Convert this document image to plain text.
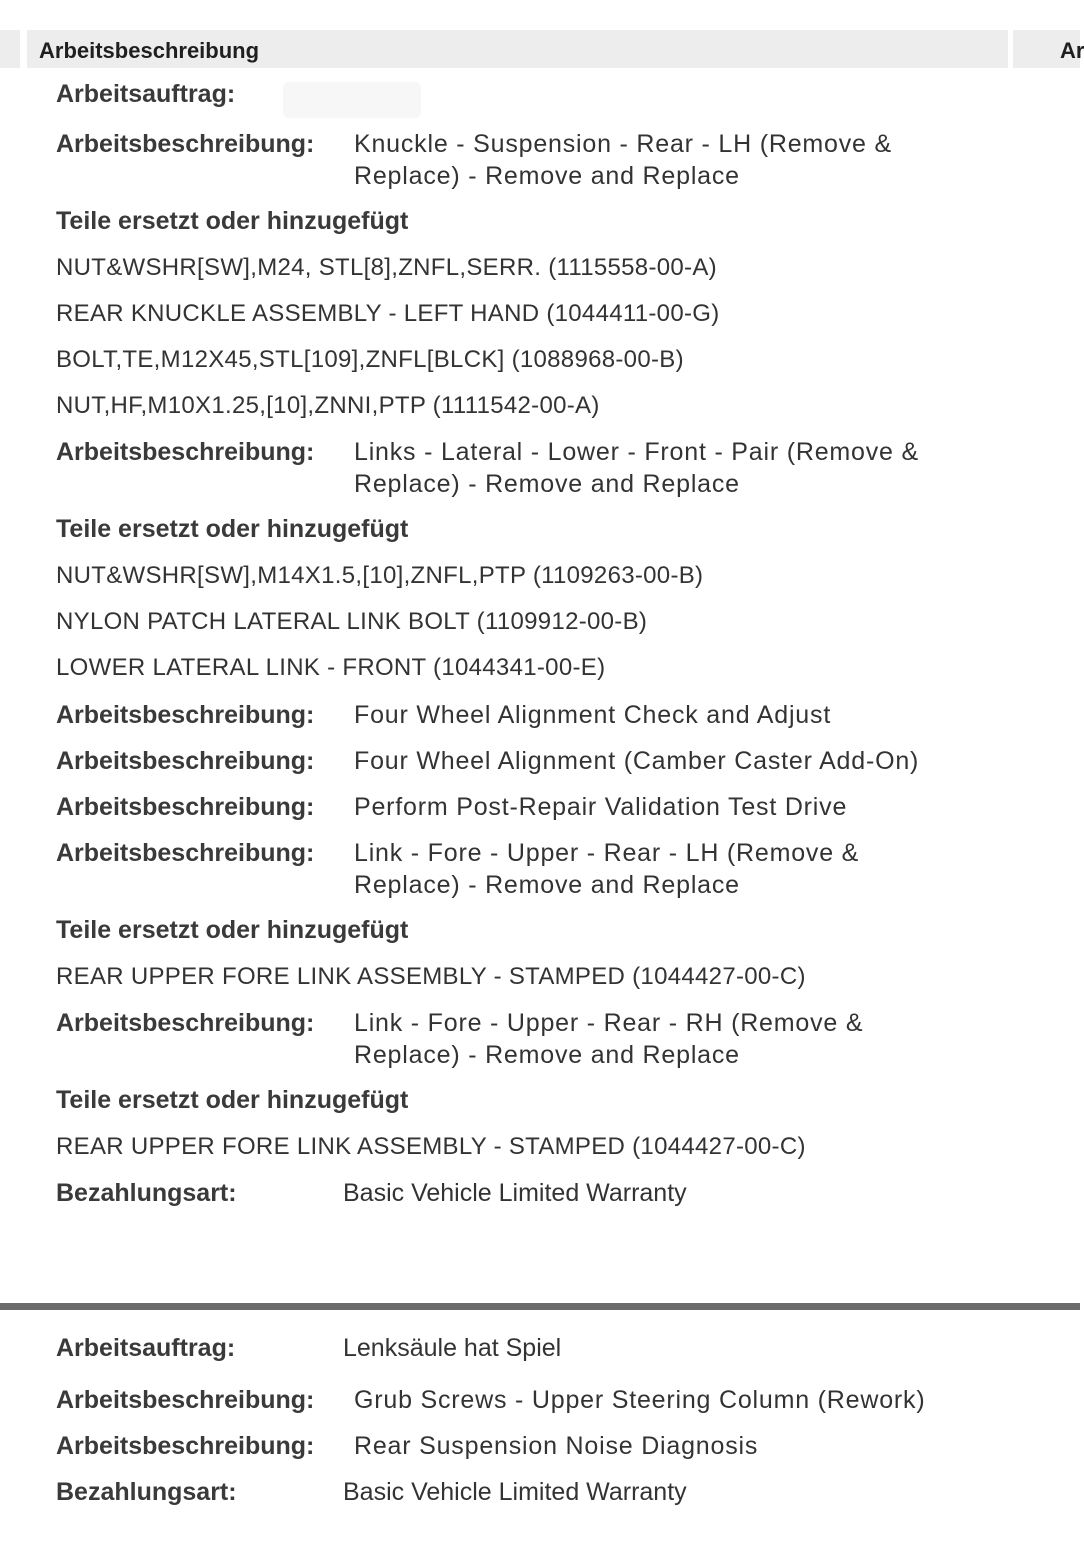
Arbeitsbeschreibung	Ar
Arbeitsauftrag:
Arbeitsbeschreibung: Knuckle - Suspension - Rear - LH (Remove &
Replace) - Remove and Replace
Teile ersetzt oder hinzugefügt
NUT&WSHR[SW],M24, STL[8],ZNFL,SERR. (1115558-00-A)
REAR KNUCKLE ASSEMBLY - LEFT HAND (1044411-00-G)
BOLT,TE,M12X45,STL[109],ZNFL[BLCK] (1088968-00-B)
NUT,HF,M10X1.25,[10],ZNNI,PTP (1111542-00-A)
Arbeitsbeschreibung: Links - Lateral - Lower - Front - Pair (Remove &
Replace) - Remove and Replace
Teile ersetzt oder hinzugefügt
NUT&WSHR[SW],M14X1.5,[10],ZNFL,PTP (1109263-00-B)
NYLON PATCH LATERAL LINK BOLT (1109912-00-B)
LOWER LATERAL LINK - FRONT (1044341-00-E)
Arbeitsbeschreibung: Four Wheel Alignment Check and Adjust
Arbeitsbeschreibung: Four Wheel Alignment (Camber Caster Add-On)
Arbeitsbeschreibung: Perform Post-Repair Validation Test Drive
Arbeitsbeschreibung: Link - Fore - Upper - Rear - LH (Remove &
Replace) - Remove and Replace
Teile ersetzt oder hinzugefügt
REAR UPPER FORE LINK ASSEMBLY - STAMPED (1044427-00-C)
Arbeitsbeschreibung: Link - Fore - Upper - Rear - RH (Remove &
Replace) - Remove and Replace
Teile ersetzt oder hinzugefügt
REAR UPPER FORE LINK ASSEMBLY - STAMPED (1044427-00-C)
Bezahlungsart:	Basic Vehicle Limited Warranty
Arbeitsauftrag:	Lenksäule hat Spiel
Arbeitsbeschreibung: Grub Screws - Upper Steering Column (Rework)
Arbeitsbeschreibung: Rear Suspension Noise Diagnosis
Bezahlungsart:	Basic Vehicle Limited Warranty
